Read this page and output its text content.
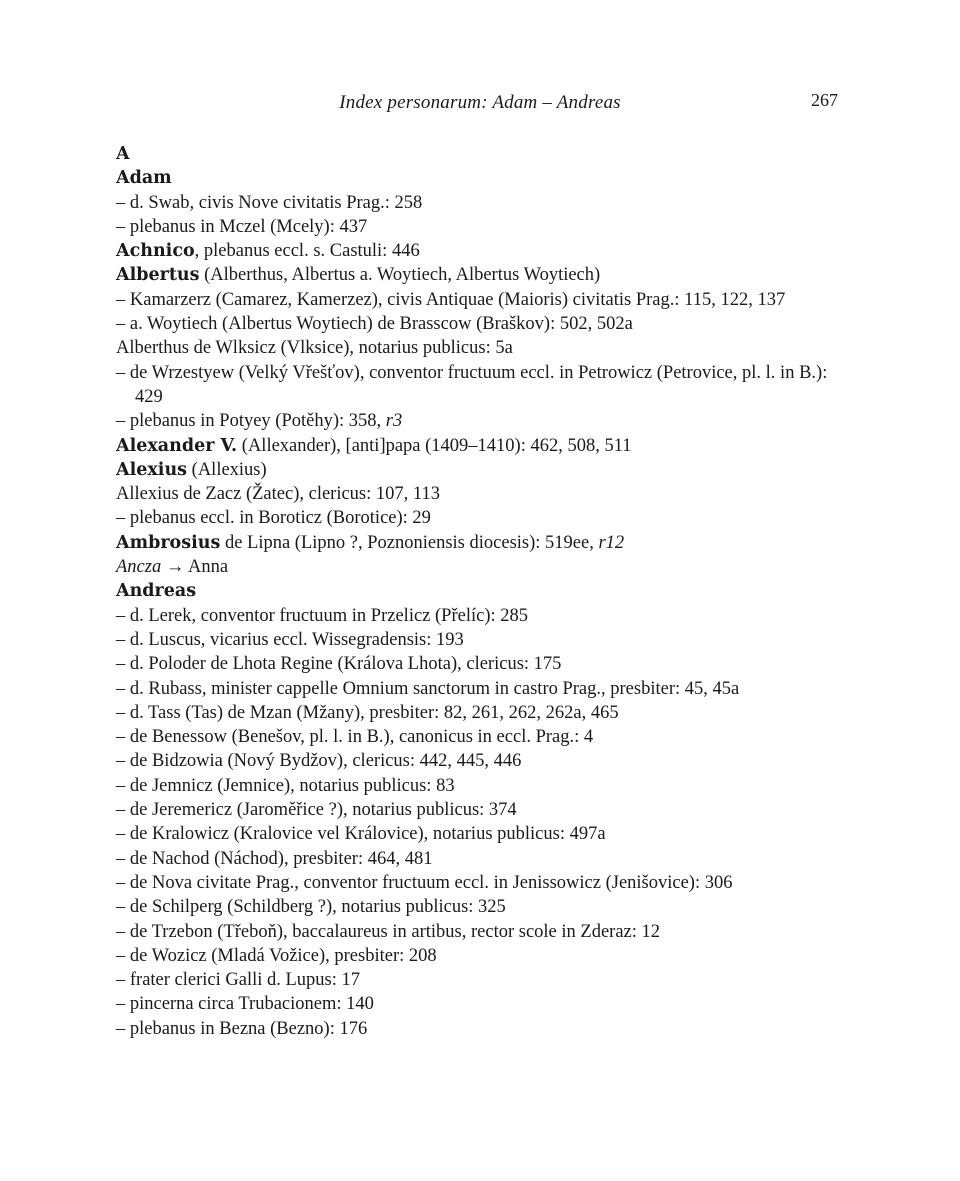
Index personarum: Adam – Andreas	267
A
Adam
– d. Swab, civis Nove civitatis Prag.: 258
– plebanus in Mczel (Mcely): 437
Achnico, plebanus eccl. s. Castuli: 446
Albertus (Alberthus, Albertus a. Woytiech, Albertus Woytiech)
– Kamarzerz (Camarez, Kamerzez), civis Antiquae (Maioris) civitatis Prag.: 115, 122, 137
– a. Woytiech (Albertus Woytiech) de Brasscow (Braškov): 502, 502a
Alberthus de Wlksicz (Vlksice), notarius publicus: 5a
– de Wrzestyew (Velký Vřešťov), conventor fructuum eccl. in Petrowicz (Petrovice, pl. l. in B.): 429
– plebanus in Potyey (Potěhy): 358, r3
Alexander V. (Allexander), [anti]papa (1409–1410): 462, 508, 511
Alexius (Allexius)
Allexius de Zacz (Žatec), clericus: 107, 113
– plebanus eccl. in Boroticz (Borotice): 29
Ambrosius de Lipna (Lipno ?, Poznoniensis diocesis): 519ee, r12
Ancza → Anna
Andreas
– d. Lerek, conventor fructuum in Przelicz (Přelíc): 285
– d. Luscus, vicarius eccl. Wissegradensis: 193
– d. Poloder de Lhota Regine (Králova Lhota), clericus: 175
– d. Rubass, minister cappelle Omnium sanctorum in castro Prag., presbiter: 45, 45a
– d. Tass (Tas) de Mzan (Mžany), presbiter: 82, 261, 262, 262a, 465
– de Benessow (Benešov, pl. l. in B.), canonicus in eccl. Prag.: 4
– de Bidzowia (Nový Bydžov), clericus: 442, 445, 446
– de Jemnicz (Jemnice), notarius publicus: 83
– de Jeremericz (Jaroměřice ?), notarius publicus: 374
– de Kralowicz (Kralovice vel Královice), notarius publicus: 497a
– de Nachod (Náchod), presbiter: 464, 481
– de Nova civitate Prag., conventor fructuum eccl. in Jenissowicz (Jenišovice): 306
– de Schilperg (Schildberg ?), notarius publicus: 325
– de Trzebon (Třeboň), baccalaureus in artibus, rector scole in Zderaz: 12
– de Wozicz (Mladá Vožice), presbiter: 208
– frater clerici Galli d. Lupus: 17
– pincerna circa Trubacionem: 140
– plebanus in Bezna (Bezno): 176
